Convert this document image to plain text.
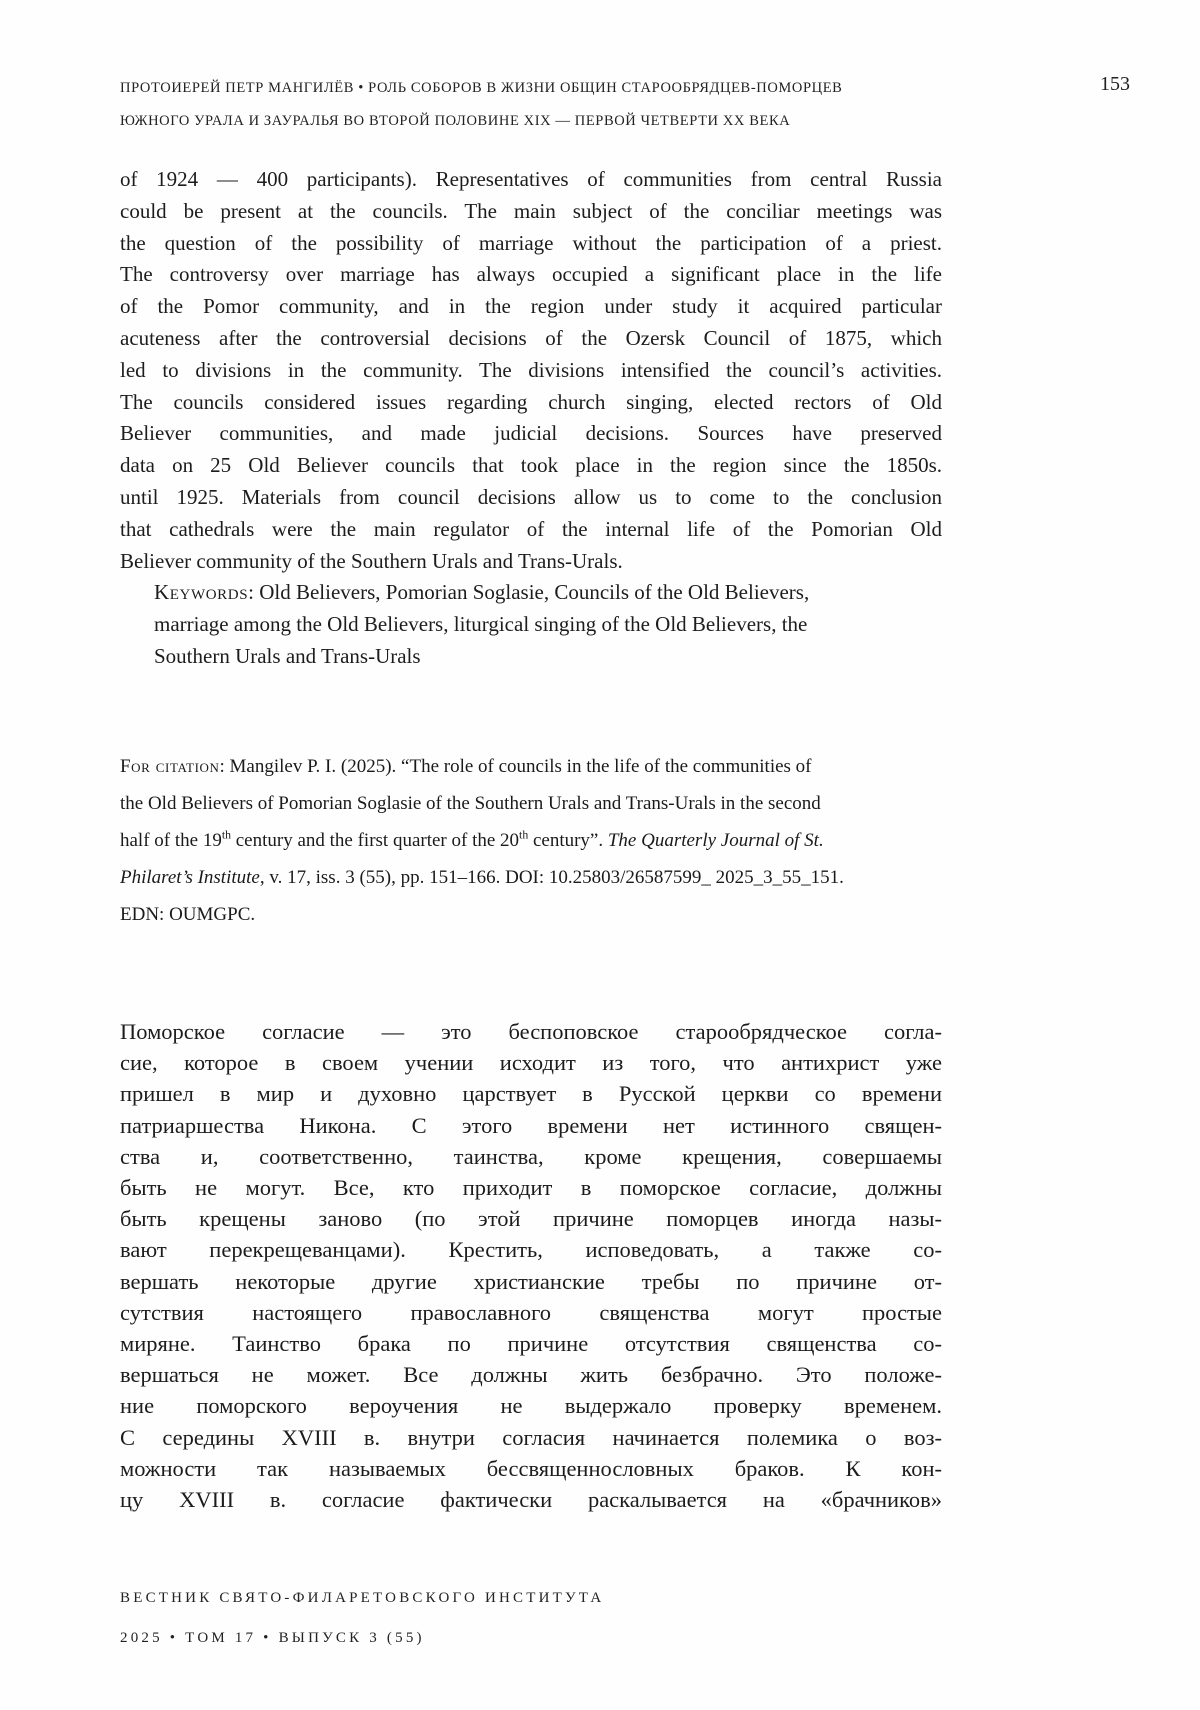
ПРОТОИЕРЕЙ ПЕТР МАНГИЛЁВ • РОЛЬ СОБОРОВ В ЖИЗНИ ОБЩИН СТАРООБРЯДЦЕВ-ПОМОРЦЕВ
ЮЖНОГО УРАЛА И ЗАУРАЛЬЯ ВО ВТОРОЙ ПОЛОВИНЕ XIX — ПЕРВОЙ ЧЕТВЕРТИ XX ВЕКА
153
of 1924 — 400 participants). Representatives of communities from central Russia
could be present at the councils. The main subject of the conciliar meetings was
the question of the possibility of marriage without the participation of a priest.
The controversy over marriage has always occupied a significant place in the life
of the Pomor community, and in the region under study it acquired particular
acuteness after the controversial decisions of the Ozersk Council of 1875, which
led to divisions in the community. The divisions intensified the council’s activities.
The councils considered issues regarding church singing, elected rectors of Old
Believer communities, and made judicial decisions. Sources have preserved
data on 25 Old Believer councils that took place in the region since the 1850s.
until 1925. Materials from council decisions allow us to come to the conclusion
that cathedrals were the main regulator of the internal life of the Pomorian Old
Believer community of the Southern Urals and Trans-Urals.
Keywords: Old Believers, Pomorian Soglasie, Councils of the Old Believers,
marriage among the Old Believers, liturgical singing of the Old Believers, the
Southern Urals and Trans-Urals
For citation: Mangilev P. I. (2025). “The role of councils in the life of the communities of
the Old Believers of Pomorian Soglasie of the Southern Urals and Trans-Urals in the second
half of the 19th century and the first quarter of the 20th century”. The Quarterly Journal of St.
Philaret’s Institute, v. 17, iss. 3 (55), pp. 151–166. DOI: 10.25803/26587599_ 2025_3_55_151.
EDN: OUMGPC.
Поморское согласие — это беспоповское старообрядческое согла-
сие, которое в своем учении исходит из того, что антихрист уже
пришел в мир и духовно царствует в Русской церкви со времени
патриаршества Никона. С этого времени нет истинного священ-
ства и, соответственно, таинства, кроме крещения, совершаемы
быть не могут. Все, кто приходит в поморское согласие, должны
быть крещены заново (по этой причине поморцев иногда назы-
вают перекрещеванцами). Крестить, исповедовать, а также со-
вершать некоторые другие христианские требы по причине от-
сутствия настоящего православного священства могут простые
миряне. Таинство брака по причине отсутствия священства со-
вершаться не может. Все должны жить безбрачно. Это положе-
ние поморского вероучения не выдержало проверку временем.
С середины XVIII в. внутри согласия начинается полемика о воз-
можности так называемых бессвященнословных браков. К кон-
цу XVIII в. согласие фактически раскалывается на «брачников»
ВЕСТНИК СВЯТО-ФИЛАРЕТОВСКОГО ИНСТИТУТА
2025 • ТОМ 17 • ВЫПУСК 3 (55)
